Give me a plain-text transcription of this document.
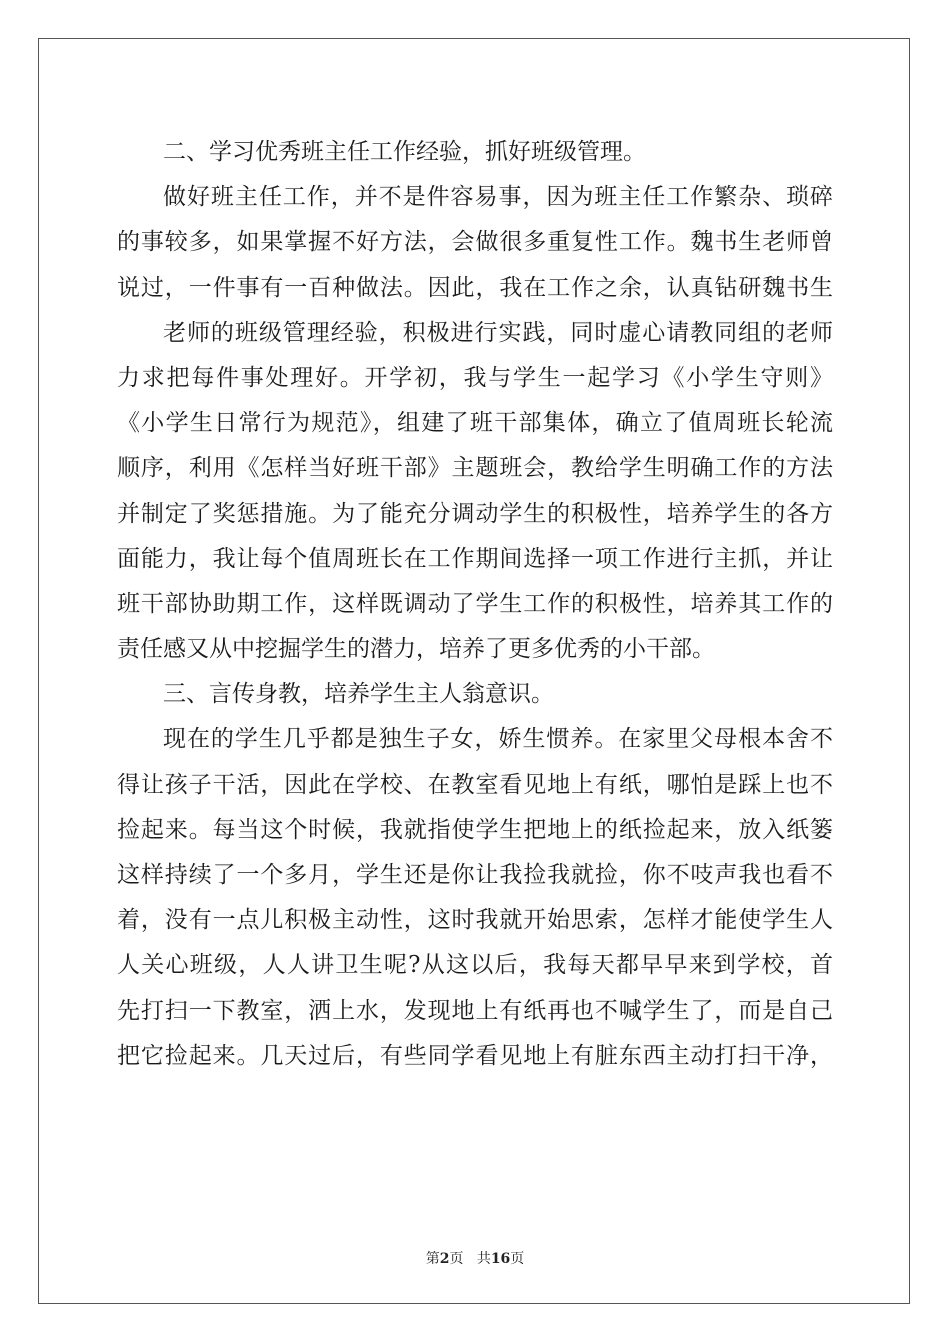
二、学习优秀班主任工作经验，抓好班级管理。
做好班主任工作，并不是件容易事，因为班主任工作繁杂、琐碎
的事较多，如果掌握不好方法，会做很多重复性工作。魏书生老师曾
说过，一件事有一百种做法。因此，我在工作之余，认真钻研魏书生
老师的班级管理经验，积极进行实践，同时虚心请教同组的老师
力求把每件事处理好。开学初，我与学生一起学习《小学生守则》
《小学生日常行为规范》，组建了班干部集体，确立了值周班长轮流
顺序，利用《怎样当好班干部》主题班会，教给学生明确工作的方法
并制定了奖惩措施。为了能充分调动学生的积极性，培养学生的各方
面能力，我让每个值周班长在工作期间选择一项工作进行主抓，并让
班干部协助期工作，这样既调动了学生工作的积极性，培养其工作的
责任感又从中挖掘学生的潜力，培养了更多优秀的小干部。
三、言传身教，培养学生主人翁意识。
现在的学生几乎都是独生子女，娇生惯养。在家里父母根本舍不
得让孩子干活，因此在学校、在教室看见地上有纸，哪怕是踩上也不
捡起来。每当这个时候，我就指使学生把地上的纸捡起来，放入纸篓
这样持续了一个多月，学生还是你让我捡我就捡，你不吱声我也看不
着，没有一点儿积极主动性，这时我就开始思索，怎样才能使学生人
人关心班级，人人讲卫生呢?从这以后，我每天都早早来到学校，首
先打扫一下教室，洒上水，发现地上有纸再也不喊学生了，而是自己
把它捡起来。几天过后，有些同学看见地上有脏东西主动打扫干净，
第2页 共16页
